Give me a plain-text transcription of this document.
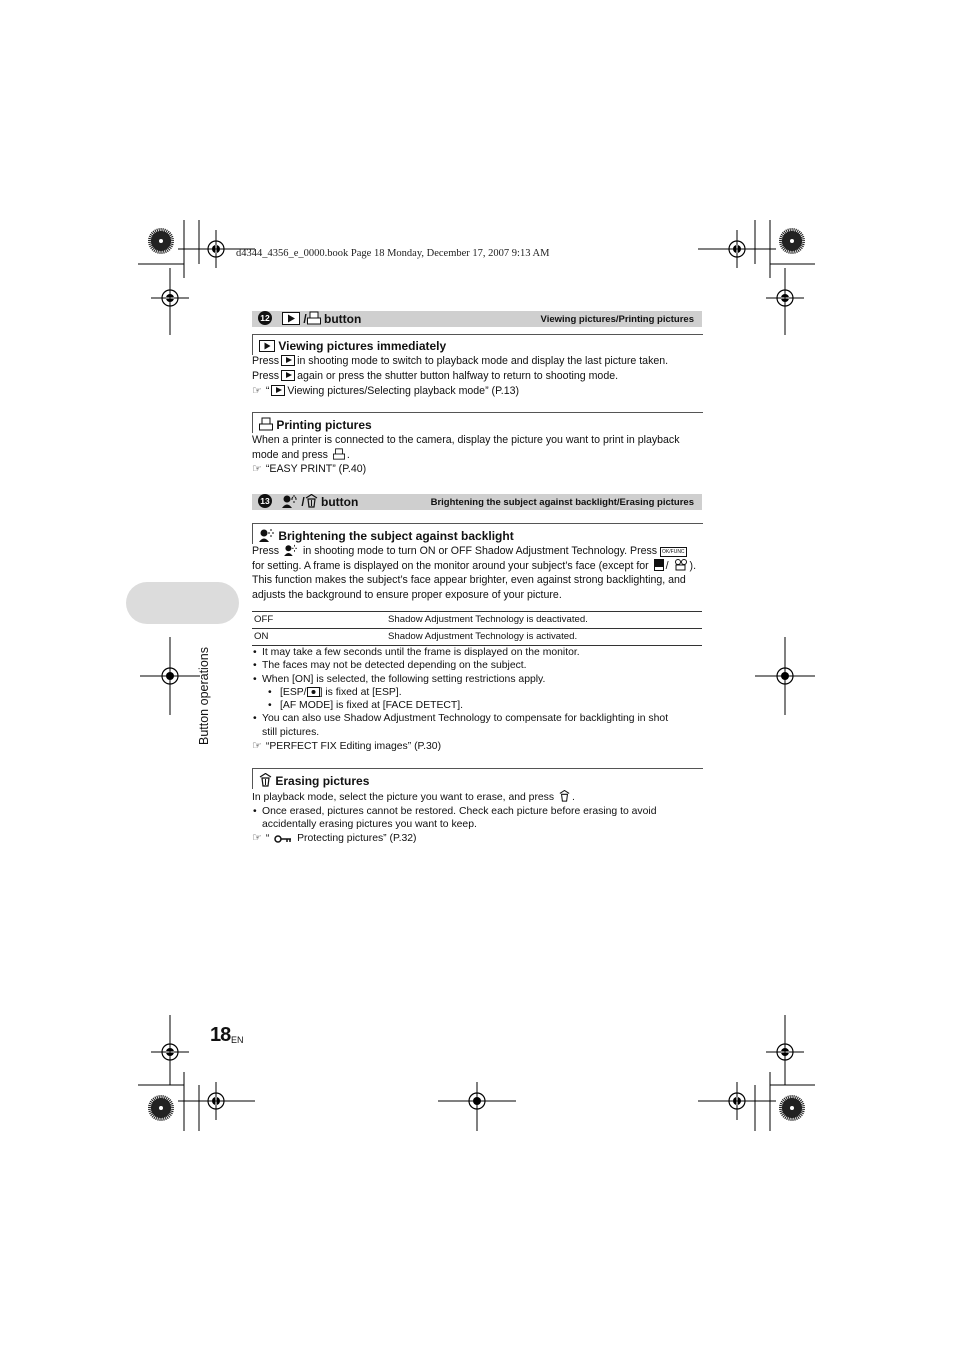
d4344_4356_e_0000.book Page 18 Monday, December 17, 2007 9:13 AM
Button operations
12	/ button	Viewing pictures/Printing pictures
Viewing pictures immediately
Press in shooting mode to switch to playback mode and display the last picture taken.
Press again or press the shutter button halfway to return to shooting mode.
☞ “ Viewing pictures/Selecting playback mode” (P.13)
Printing pictures
When a printer is connected to the camera, display the picture you want to print in playback
mode and press .
☞ “EASY PRINT” (P.40)
13	/ button	Brightening the subject against backlight/Erasing pictures
Brightening the subject against backlight
Press in shooting mode to turn ON or OFF Shadow Adjustment Technology. Press OK/FUNC
for setting. A frame is displayed on the monitor around your subject’s face (except for / ).
This function makes the subject’s face appear brighter, even against strong backlighting, and
adjusts the background to ensure proper exposure of your picture.
OFF	Shadow Adjustment Technology is deactivated.
ON	Shadow Adjustment Technology is activated.
• It may take a few seconds until the frame is displayed on the monitor.
• The faces may not be detected depending on the subject.
• When [ON] is selected, the following setting restrictions apply.
• [ESP/ ] is fixed at [ESP].
• [AF MODE] is fixed at [FACE DETECT].
• You can also use Shadow Adjustment Technology to compensate for backlighting in shot
still pictures.
☞ “PERFECT FIX Editing images” (P.30)
Erasing pictures
In playback mode, select the picture you want to erase, and press .
• Once erased, pictures cannot be restored. Check each picture before erasing to avoid
accidentally erasing pictures you want to keep.
☞ “	Protecting pictures” (P.32)
18 EN
